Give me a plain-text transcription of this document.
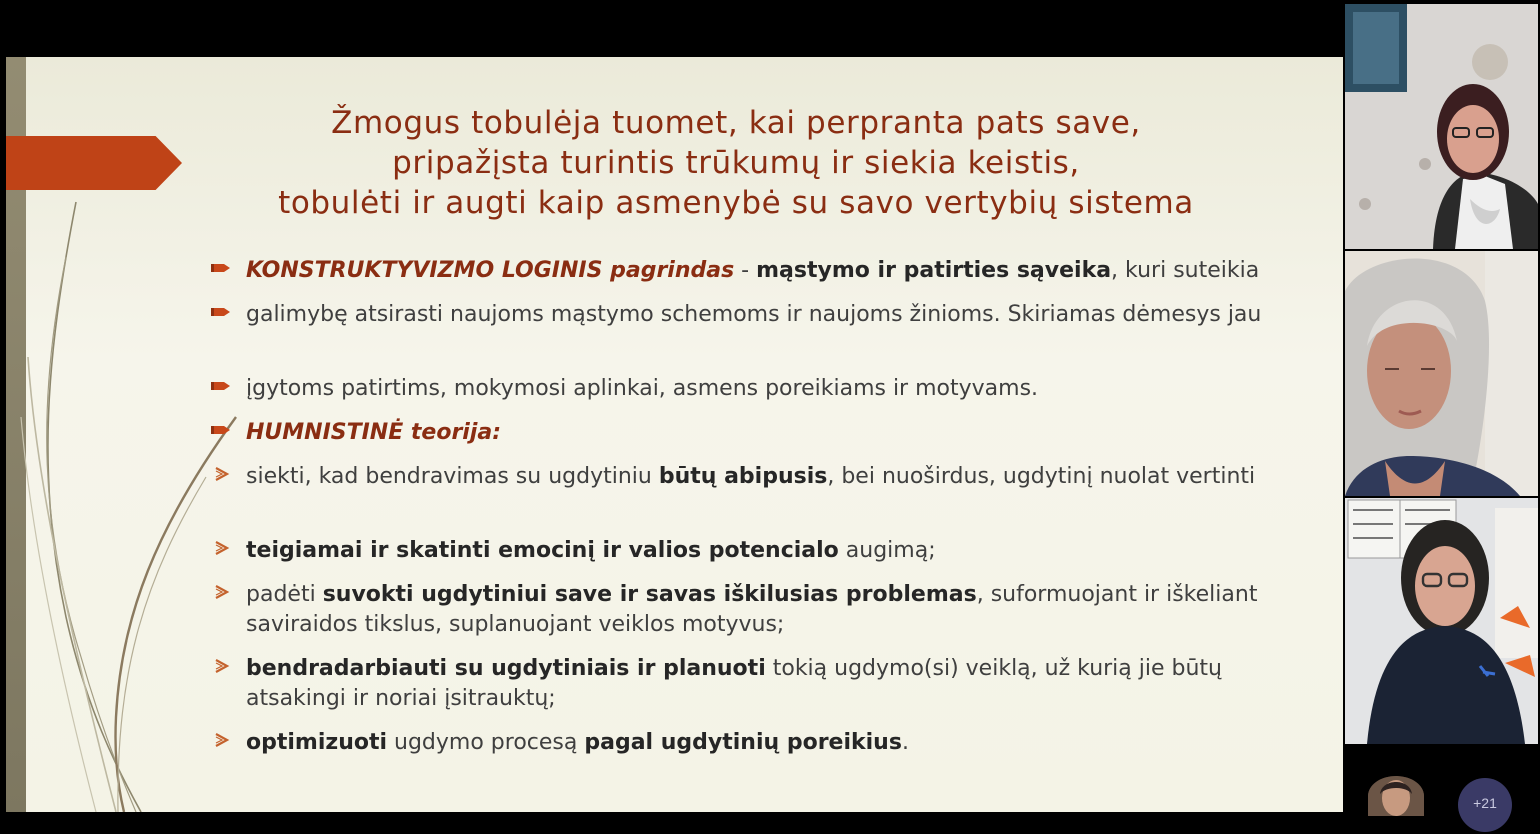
Žmogus tobulėja tuomet, kai perpranta pats save,
pripažįsta turintis trūkumų ir siekia keistis,
tobulėti ir augti kaip asmenybė su savo vertybių sistema
KONSTRUKTYVIZMO LOGINIS pagrindas - mąstymo ir patirties sąveika, kuri suteikia
galimybę atsirasti naujoms mąstymo schemoms ir naujoms žinioms. Skiriamas dėmesys jau
įgytoms patirtims, mokymosi aplinkai, asmens poreikiams ir motyvams.
HUMNISTINĖ teorija:
siekti, kad bendravimas su ugdytiniu būtų abipusis, bei nuoširdus, ugdytinį nuolat vertinti
teigiamai ir skatinti emocinį ir valios potencialo augimą;
padėti suvokti ugdytiniui save ir savas iškilusias problemas, suformuojant ir iškeliant saviraidos tikslus, suplanuojant veiklos motyvus;
bendradarbiauti su ugdytiniais ir planuoti tokią ugdymo(si) veiklą, už kurią jie būtų atsakingi ir noriai įsitrauktų;
optimizuoti ugdymo procesą pagal ugdytinių poreikius.
+21
